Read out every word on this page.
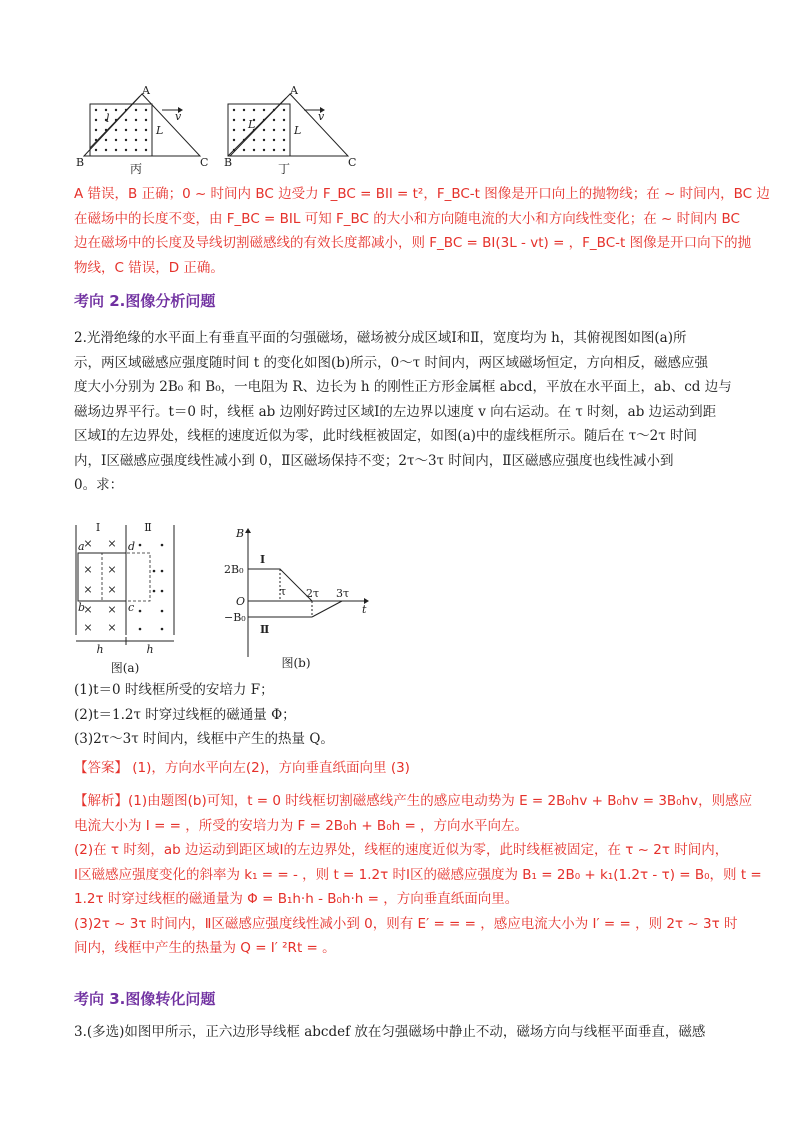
A
B	C
v
L
l
丙
A
B	C
v
L
L
丁
A 错误，B 正确；0 ~ 时间内 BC 边受力 F_BC = BIl = t²，F_BC-t 图像是开口向上的抛物线；在 ~ 时间内，BC 边
在磁场中的长度不变，由 F_BC = BIL 可知 F_BC 的大小和方向随电流的大小和方向线性变化；在 ~ 时间内 BC
边在磁场中的长度及导线切割磁感线的有效长度都减小，则 F_BC = BI(3L - vt) = ，F_BC-t 图像是开口向下的抛
物线，C 错误，D 正确。
考向 2.图像分析问题
2.光滑绝缘的水平面上有垂直平面的匀强磁场，磁场被分成区域Ⅰ和Ⅱ，宽度均为 h，其俯视图如图(a)所
示，两区域磁感应强度随时间 t 的变化如图(b)所示，0～τ 时间内，两区域磁场恒定，方向相反，磁感应强
度大小分别为 2B₀ 和 B₀，一电阻为 R、边长为 h 的刚性正方形金属框 abcd，平放在水平面上，ab、cd 边与
磁场边界平行。t＝0 时，线框 ab 边刚好跨过区域Ⅰ的左边界以速度 v 向右运动。在 τ 时刻，ab 边运动到距
区域Ⅰ的左边界处，线框的速度近似为零，此时线框被固定，如图(a)中的虚线框所示。随后在 τ～2τ 时间
内，Ⅰ区磁感应强度线性减小到 0，Ⅱ区磁场保持不变；2τ～3τ 时间内，Ⅱ区磁感应强度也线性减小到
0。求：
× ×
× ×
× ×
× ×
× ×
Ⅰ	Ⅱ
a	d
b	c
h	h
图(a)
B
t
O
2B₀
−B₀
τ 2τ 3τ
Ⅰ
Ⅱ
图(b)
(1)t＝0 时线框所受的安培力 F；
(2)t＝1.2τ 时穿过线框的磁通量 Φ；
(3)2τ～3τ 时间内，线框中产生的热量 Q。
【答案】 (1)，方向水平向左(2)，方向垂直纸面向里 (3)
【解析】(1)由题图(b)可知，t = 0 时线框切割磁感线产生的感应电动势为 E = 2B₀hv + B₀hv = 3B₀hv，则感应
电流大小为 I = = ，所受的安培力为 F = 2B₀h + B₀h = ，方向水平向左。
(2)在 τ 时刻，ab 边运动到距区域Ⅰ的左边界处，线框的速度近似为零，此时线框被固定，在 τ ~ 2τ 时间内，
Ⅰ区磁感应强度变化的斜率为 k₁ = = - ，则 t = 1.2τ 时Ⅰ区的磁感应强度为 B₁ = 2B₀ + k₁(1.2τ - τ) = B₀，则 t =
1.2τ 时穿过线框的磁通量为 Φ = B₁h·h - B₀h·h = ，方向垂直纸面向里。
(3)2τ ~ 3τ 时间内，Ⅱ区磁感应强度线性减小到 0，则有 E′ = = = ，感应电流大小为 I′ = = ，则 2τ ~ 3τ 时
间内，线框中产生的热量为 Q = I′ ²Rt = 。
考向 3.图像转化问题
3.(多选)如图甲所示，正六边形导线框 abcdef 放在匀强磁场中静止不动，磁场方向与线框平面垂直，磁感
